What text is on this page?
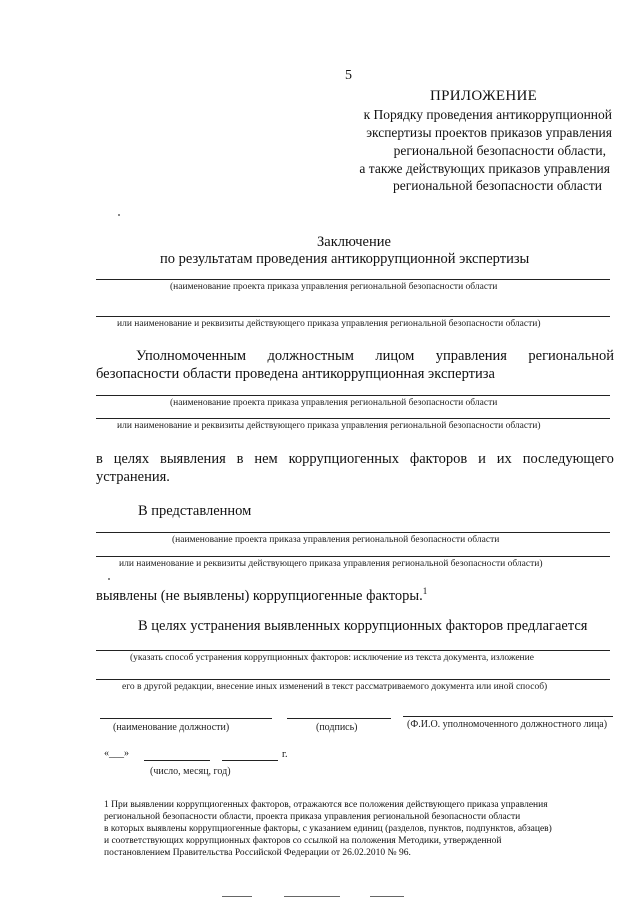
5
ПРИЛОЖЕНИЕ
к Порядку проведения антикоррупционной
экспертизы проектов приказов управления
региональной безопасности области,
а также действующих приказов управления
региональной безопасности области
Заключение
по результатам проведения антикоррупционной экспертизы
(наименование проекта приказа управления региональной безопасности области
или наименование и реквизиты действующего приказа управления региональной безопасности области)
Уполномоченным должностным лицом управления региональной
безопасности области проведена антикоррупционная экспертиза
(наименование проекта приказа управления региональной безопасности области
или наименование и реквизиты действующего приказа управления региональной безопасности области)
в целях выявления в нем коррупциогенных факторов и их последующего
устранения.
В представленном
(наименование проекта приказа управления региональной безопасности области
или наименование и реквизиты действующего приказа управления региональной безопасности области)
выявлены (не выявлены) коррупциогенные факторы.$^1$
В целях устранения выявленных коррупционных факторов предлагается
(указать способ устранения коррупционных факторов: исключение из текста документа, изложение
его в другой редакции, внесение иных изменений в текст рассматриваемого документа или иной способ)
(наименование должности)	(подпись)	(Ф.И.О. уполномоченного должностного лица)
«___»	г.
(число, месяц, год)
1 При выявлении коррупциогенных факторов, отражаются все положения действующего приказа управления
региональной безопасности области, проекта приказа управления региональной безопасности области
в которых выявлены коррупциогенные факторы, с указанием единиц (разделов, пунктов, подпунктов, абзацев)
и соответствующих коррупционных факторов со ссылкой на положения Методики, утвержденной
постановлением Правительства Российской Федерации от 26.02.2010 № 96.
